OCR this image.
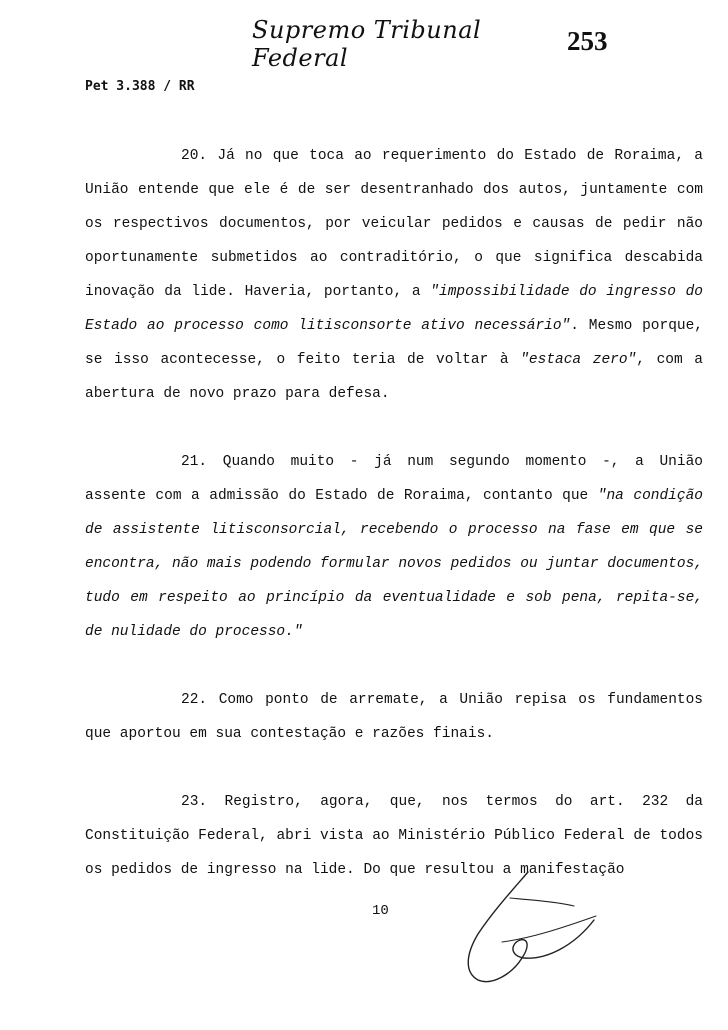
Supremo Tribunal Federal
253
Pet 3.388 / RR

20. Já no que toca ao requerimento do Estado de Roraima, a União entende que ele é de ser desentranhado dos autos, juntamente com os respectivos documentos, por veicular pedidos e causas de pedir não oportunamente submetidos ao contraditório, o que significa descabida inovação da lide. Haveria, portanto, a "impossibilidade do ingresso do Estado ao processo como litisconsorte ativo necessário". Mesmo porque, se isso acontecesse, o feito teria de voltar à "estaca zero", com a abertura de novo prazo para defesa.

21. Quando muito - já num segundo momento -, a União assente com a admissão do Estado de Roraima, contanto que "na condição de assistente litisconsorcial, recebendo o processo na fase em que se encontra, não mais podendo formular novos pedidos ou juntar documentos, tudo em respeito ao princípio da eventualidade e sob pena, repita-se, de nulidade do processo."

22. Como ponto de arremate, a União repisa os fundamentos que aportou em sua contestação e razões finais.

23. Registro, agora, que, nos termos do art. 232 da Constituição Federal, abri vista ao Ministério Público Federal de todos os pedidos de ingresso na lide. Do que resultou a manifestação

10
